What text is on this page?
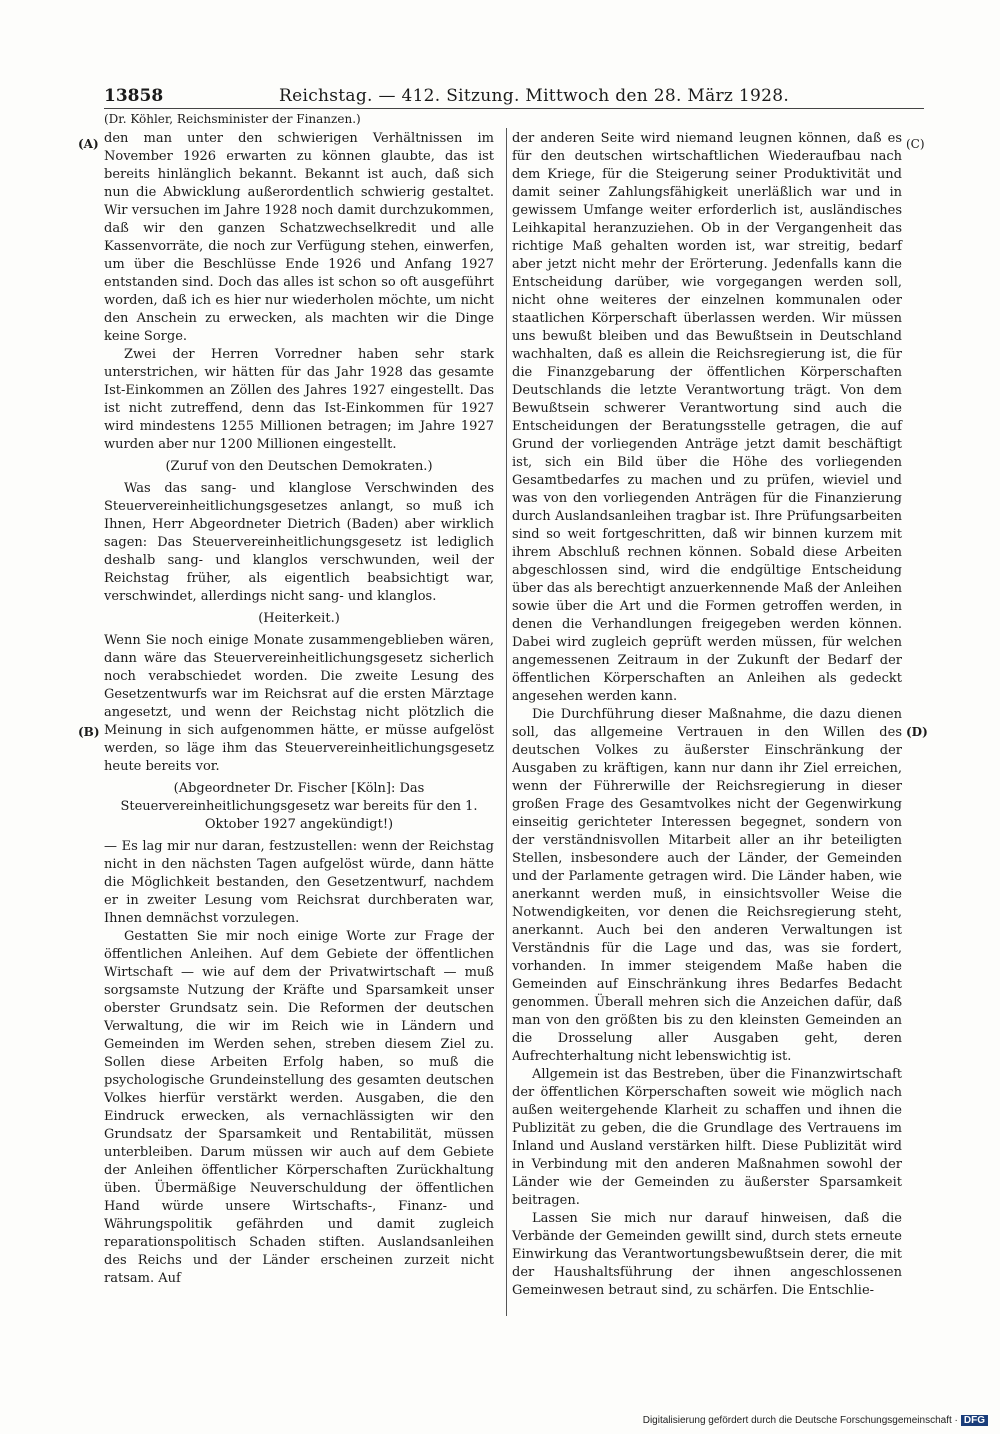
13858	Reichstag. — 412. Sitzung. Mittwoch den 28. März 1928.
(Dr. Köhler, Reichsminister der Finanzen.)
(A)
(B)
(C)
(D)

den man unter den schwierigen Verhältnissen im November 1926 erwarten zu können glaubte, das ist bereits hinlänglich bekannt. Bekannt ist auch, daß sich nun die Abwicklung außerordentlich schwierig gestaltet. Wir versuchen im Jahre 1928 noch damit durchzukommen, daß wir den ganzen Schatzwechselkredit und alle Kassenvorräte, die noch zur Verfügung stehen, einwerfen, um über die Beschlüsse Ende 1926 und Anfang 1927 entstanden sind. Doch das alles ist schon so oft ausgeführt worden, daß ich es hier nur wiederholen möchte, um nicht den Anschein zu erwecken, als machten wir die Dinge keine Sorge.

Zwei der Herren Vorredner haben sehr stark unterstrichen, wir hätten für das Jahr 1928 das gesamte Ist-Einkommen an Zöllen des Jahres 1927 eingestellt. Das ist nicht zutreffend, denn das Ist-Einkommen für 1927 wird mindestens 1255 Millionen betragen; im Jahre 1927 wurden aber nur 1200 Millionen eingestellt.

(Zuruf von den Deutschen Demokraten.)

Was das sang- und klanglose Verschwinden des Steuervereinheitlichungsgesetzes anlangt, so muß ich Ihnen, Herr Abgeordneter Dietrich (Baden) aber wirklich sagen: Das Steuervereinheitlichungsgesetz ist lediglich deshalb sang- und klanglos verschwunden, weil der Reichstag früher, als eigentlich beabsichtigt war, verschwindet, allerdings nicht sang- und klanglos.

(Heiterkeit.)

Wenn Sie noch einige Monate zusammengeblieben wären, dann wäre das Steuervereinheitlichungsgesetz sicherlich noch verabschiedet worden. Die zweite Lesung des Gesetzentwurfs war im Reichsrat auf die ersten Märztage angesetzt, und wenn der Reichstag nicht plötzlich die Meinung in sich aufgenommen hätte, er müsse aufgelöst werden, so läge ihm das Steuervereinheitlichungsgesetz heute bereits vor.

(Abgeordneter Dr. Fischer [Köln]: Das Steuervereinheitlichungsgesetz war bereits für den 1. Oktober 1927 angekündigt!)

— Es lag mir nur daran, festzustellen: wenn der Reichstag nicht in den nächsten Tagen aufgelöst würde, dann hätte die Möglichkeit bestanden, den Gesetzentwurf, nachdem er in zweiter Lesung vom Reichsrat durchberaten war, Ihnen demnächst vorzulegen.

Gestatten Sie mir noch einige Worte zur Frage der öffentlichen Anleihen. Auf dem Gebiete der öffentlichen Wirtschaft — wie auf dem der Privatwirtschaft — muß sorgsamste Nutzung der Kräfte und Sparsamkeit unser oberster Grundsatz sein. Die Reformen der deutschen Verwaltung, die wir im Reich wie in Ländern und Gemeinden im Werden sehen, streben diesem Ziel zu. Sollen diese Arbeiten Erfolg haben, so muß die psychologische Grundeinstellung des gesamten deutschen Volkes hierfür verstärkt werden. Ausgaben, die den Eindruck erwecken, als vernachlässigten wir den Grundsatz der Sparsamkeit und Rentabilität, müssen unterbleiben. Darum müssen wir auch auf dem Gebiete der Anleihen öffentlicher Körperschaften Zurückhaltung üben. Übermäßige Neuverschuldung der öffentlichen Hand würde unsere Wirtschafts-, Finanz- und Währungspolitik gefährden und damit zugleich reparationspolitisch Schaden stiften. Auslandsanleihen des Reichs und der Länder erscheinen zurzeit nicht ratsam. Auf

der anderen Seite wird niemand leugnen können, daß es für den deutschen wirtschaftlichen Wiederaufbau nach dem Kriege, für die Steigerung seiner Produktivität und damit seiner Zahlungsfähigkeit unerläßlich war und in gewissem Umfange weiter erforderlich ist, ausländisches Leihkapital heranzuziehen. Ob in der Vergangenheit das richtige Maß gehalten worden ist, war streitig, bedarf aber jetzt nicht mehr der Erörterung. Jedenfalls kann die Entscheidung darüber, wie vorgegangen werden soll, nicht ohne weiteres der einzelnen kommunalen oder staatlichen Körperschaft überlassen werden. Wir müssen uns bewußt bleiben und das Bewußtsein in Deutschland wachhalten, daß es allein die Reichsregierung ist, die für die Finanzgebarung der öffentlichen Körperschaften Deutschlands die letzte Verantwortung trägt. Von dem Bewußtsein schwerer Verantwortung sind auch die Entscheidungen der Beratungsstelle getragen, die auf Grund der vorliegenden Anträge jetzt damit beschäftigt ist, sich ein Bild über die Höhe des vorliegenden Gesamtbedarfes zu machen und zu prüfen, wieviel und was von den vorliegenden Anträgen für die Finanzierung durch Auslandsanleihen tragbar ist. Ihre Prüfungsarbeiten sind so weit fortgeschritten, daß wir binnen kurzem mit ihrem Abschluß rechnen können. Sobald diese Arbeiten abgeschlossen sind, wird die endgültige Entscheidung über das als berechtigt anzuerkennende Maß der Anleihen sowie über die Art und die Formen getroffen werden, in denen die Verhandlungen freigegeben werden können. Dabei wird zugleich geprüft werden müssen, für welchen angemessenen Zeitraum in der Zukunft der Bedarf der öffentlichen Körperschaften an Anleihen als gedeckt angesehen werden kann.

Die Durchführung dieser Maßnahme, die dazu dienen soll, das allgemeine Vertrauen in den Willen des deutschen Volkes zu äußerster Einschränkung der Ausgaben zu kräftigen, kann nur dann ihr Ziel erreichen, wenn der Führerwille der Reichsregierung in dieser großen Frage des Gesamtvolkes nicht der Gegenwirkung einseitig gerichteter Interessen begegnet, sondern von der verständnisvollen Mitarbeit aller an ihr beteiligten Stellen, insbesondere auch der Länder, der Gemeinden und der Parlamente getragen wird. Die Länder haben, wie anerkannt werden muß, in einsichtsvoller Weise die Notwendigkeiten, vor denen die Reichsregierung steht, anerkannt. Auch bei den anderen Verwaltungen ist Verständnis für die Lage und das, was sie fordert, vorhanden. In immer steigendem Maße haben die Gemeinden auf Einschränkung ihres Bedarfes Bedacht genommen. Überall mehren sich die Anzeichen dafür, daß man von den größten bis zu den kleinsten Gemeinden an die Drosselung aller Ausgaben geht, deren Aufrechterhaltung nicht lebenswichtig ist.

Allgemein ist das Bestreben, über die Finanzwirtschaft der öffentlichen Körperschaften soweit wie möglich nach außen weitergehende Klarheit zu schaffen und ihnen die Publizität zu geben, die die Grundlage des Vertrauens im Inland und Ausland verstärken hilft. Diese Publizität wird in Verbindung mit den anderen Maßnahmen sowohl der Länder wie der Gemeinden zu äußerster Sparsamkeit beitragen.

Lassen Sie mich nur darauf hinweisen, daß die Verbände der Gemeinden gewillt sind, durch stets erneute Einwirkung das Verantwortungsbewußtsein derer, die mit der Haushaltsführung der ihnen angeschlossenen Gemeinwesen betraut sind, zu schärfen. Die Entschlie-

Digitalisierung gefördert durch die Deutsche Forschungsgemeinschaft · DFG
